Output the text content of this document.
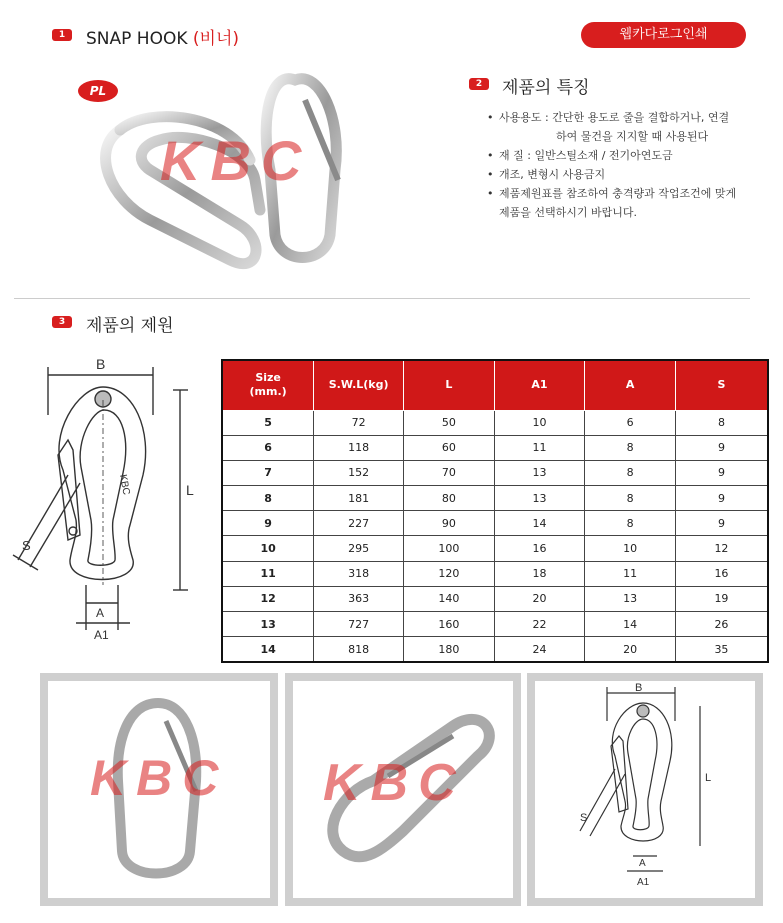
1	SNAP HOOK (비너)	웹카다로그인쇄
PL
KBC
2	제품의 특징
• 사용용도 : 간단한 용도로 줄을 결합하거나, 연결
하여 물건을 지지할 때 사용된다
• 재 질 : 일반스틸소재 / 전기아연도금
• 개조, 변형시 사용금지
• 제품제원표를 참조하여 충격량과 작업조건에 맞게
제품을 선택하시기 바랍니다.
3	제품의 제원
B
L
S
A
A1
KBC
Size
(mm.)	S.W.L(kg)	L	A1	A	S
5	72	50	10	6	8
6	118	60	11	8	9
7	152	70	13	8	9
8	181	80	13	8	9
9	227	90	14	8	9
10	295	100	16	10	12
11	318	120	18	11	16
12	363	140	20	13	19
13	727	160	22	14	26
14	818	180	24	20	35
KBC KBC
B
L
S
A
A1
